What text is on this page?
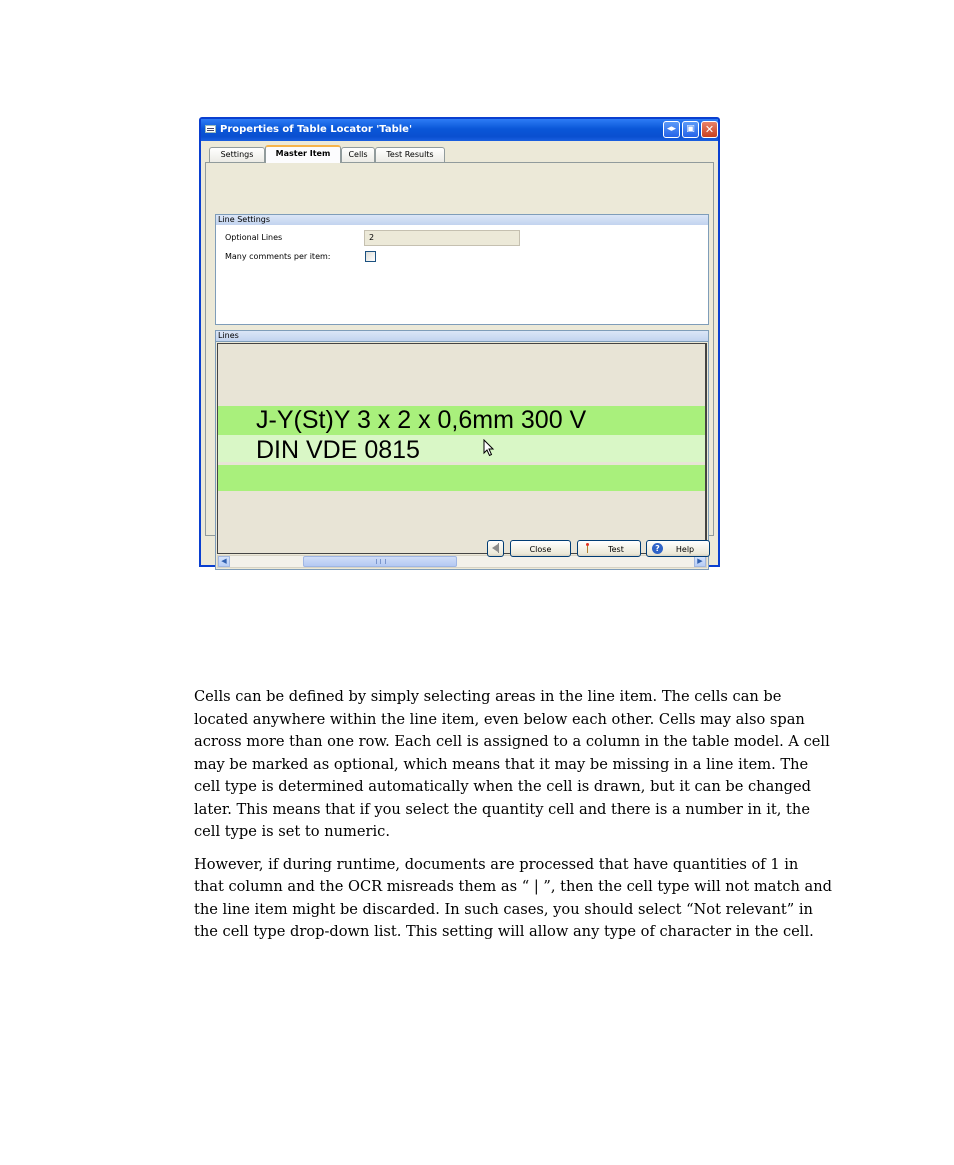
Properties of Table Locator 'Table'	◂▸	▣ ✕
Settings	Master Item	Cells	Test Results
Line Settings
Optional Lines	2
Many comments per item:
Lines
J-Y(St)Y 3 x 2 x 0,6mm 300 V
DIN VDE 0815
◀	▶
Close	Test	?	Help

Cells can be defined by simply selecting areas in the line item. The cells can be
located anywhere within the line item, even below each other. Cells may also span
across more than one row. Each cell is assigned to a column in the table model. A cell
may be marked as optional, which means that it may be missing in a line item. The
cell type is determined automatically when the cell is drawn, but it can be changed
later. This means that if you select the quantity cell and there is a number in it, the
cell type is set to numeric.

However, if during runtime, documents are processed that have quantities of 1 in
that column and the OCR misreads them as “ | ”, then the cell type will not match and
the line item might be discarded. In such cases, you should select “Not relevant” in
the cell type drop-down list. This setting will allow any type of character in the cell.
